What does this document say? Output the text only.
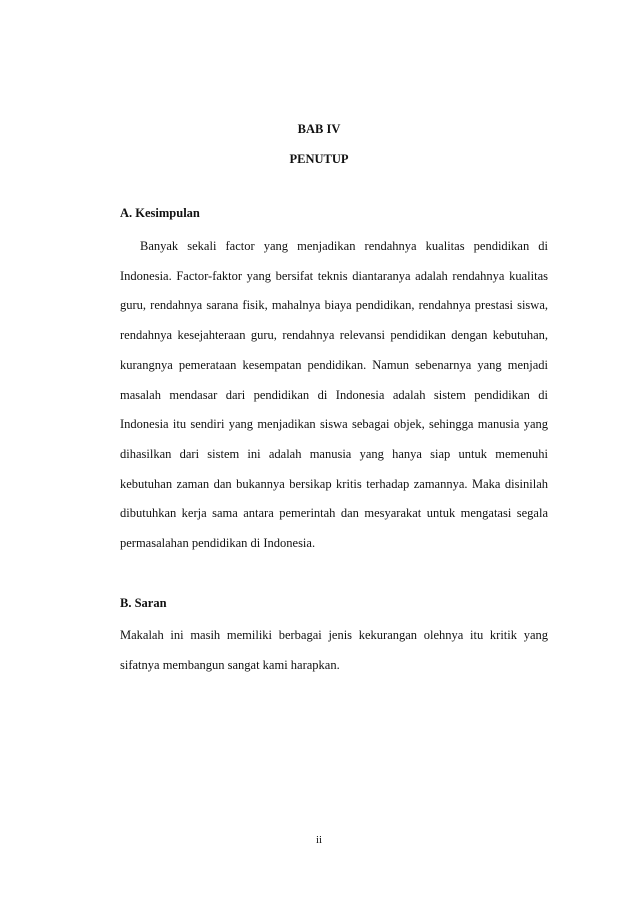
BAB IV

PENUTUP

A. Kesimpulan

Banyak sekali factor yang menjadikan rendahnya kualitas pendidikan di Indonesia. Factor-faktor yang bersifat teknis diantaranya adalah rendahnya kualitas guru, rendahnya sarana fisik, mahalnya biaya pendidikan, rendahnya prestasi siswa, rendahnya kesejahteraan guru, rendahnya relevansi pendidikan dengan kebutuhan, kurangnya pemerataan kesempatan pendidikan. Namun sebenarnya yang menjadi masalah mendasar dari pendidikan di Indonesia adalah sistem pendidikan di Indonesia itu sendiri yang menjadikan siswa sebagai objek, sehingga manusia yang dihasilkan dari sistem ini adalah manusia yang hanya siap untuk memenuhi kebutuhan zaman dan bukannya bersikap kritis terhadap zamannya. Maka disinilah dibutuhkan kerja sama antara pemerintah dan mesyarakat untuk mengatasi segala permasalahan pendidikan di Indonesia.

B. Saran

Makalah ini masih memiliki berbagai jenis kekurangan olehnya itu kritik yang sifatnya membangun sangat kami harapkan.

ii
